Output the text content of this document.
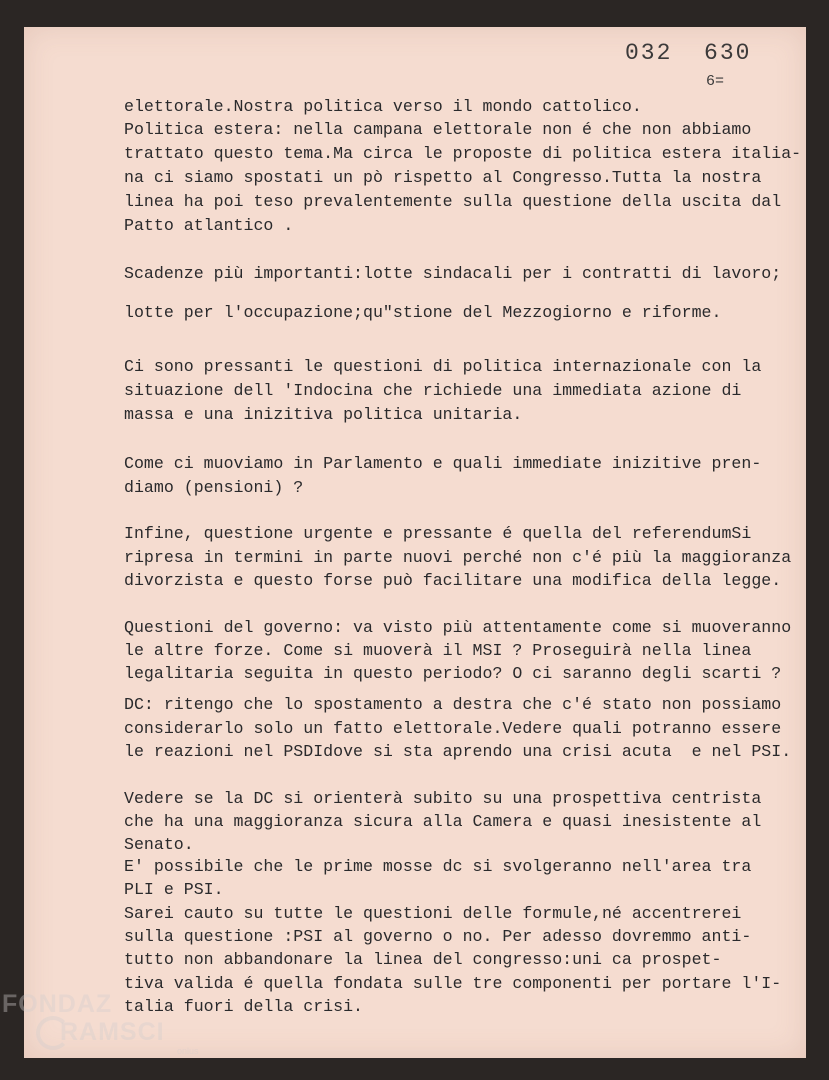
032  630
6=
elettorale.Nostra politica verso il mondo cattolico.
Politica estera: nella campana elettorale non é che non abbiamo
trattato questo tema.Ma circa le proposte di politica estera italia-
na ci siamo spostati un pò rispetto al Congresso.Tutta la nostra
linea ha poi teso prevalentemente sulla questione della uscita dal
Patto atlantico .
Scadenze più importanti:lotte sindacali per i contratti di lavoro;
lotte per l'occupazione;qu"stione del Mezzogiorno e riforme.
Ci sono pressanti le questioni di politica internazionale con la
situazione dell 'Indocina che richiede una immediata azione di
massa e una inizitiva politica unitaria.
Come ci muoviamo in Parlamento e quali immediate inizitive pren-
diamo (pensioni) ?
Infine, questione urgente e pressante é quella del referendumSi
ripresa in termini in parte nuovi perché non c'é più la maggioranza
divorzista e questo forse può facilitare una modifica della legge.
Questioni del governo: va visto più attentamente come si muoveranno
le altre forze. Come si muoverà il MSI ? Proseguirà nella linea
legalitaria seguita in questo periodo? O ci saranno degli scarti ?
DC: ritengo che lo spostamento a destra che c'é stato non possiamo
considerarlo solo un fatto elettorale.Vedere quali potranno essere
le reazioni nel PSDIdove si sta aprendo una crisi acuta  e nel PSI.
Vedere se la DC si orienterà subito su una prospettiva centrista
che ha una maggioranza sicura alla Camera e quasi inesistente al
Senato.
E' possibile che le prime mosse dc si svolgeranno nell'area tra
PLI e PSI.
Sarei cauto su tutte le questioni delle formule,né accentrerei
sulla questione :PSI al governo o no. Per adesso dovremmo anti-
tutto non abbandonare la linea del congresso:uni ca prospet-
tiva valida é quella fondata sulle tre componenti per portare l'I-
talia fuori della crisi.
FONDAZ
RAMSCI
onlus
